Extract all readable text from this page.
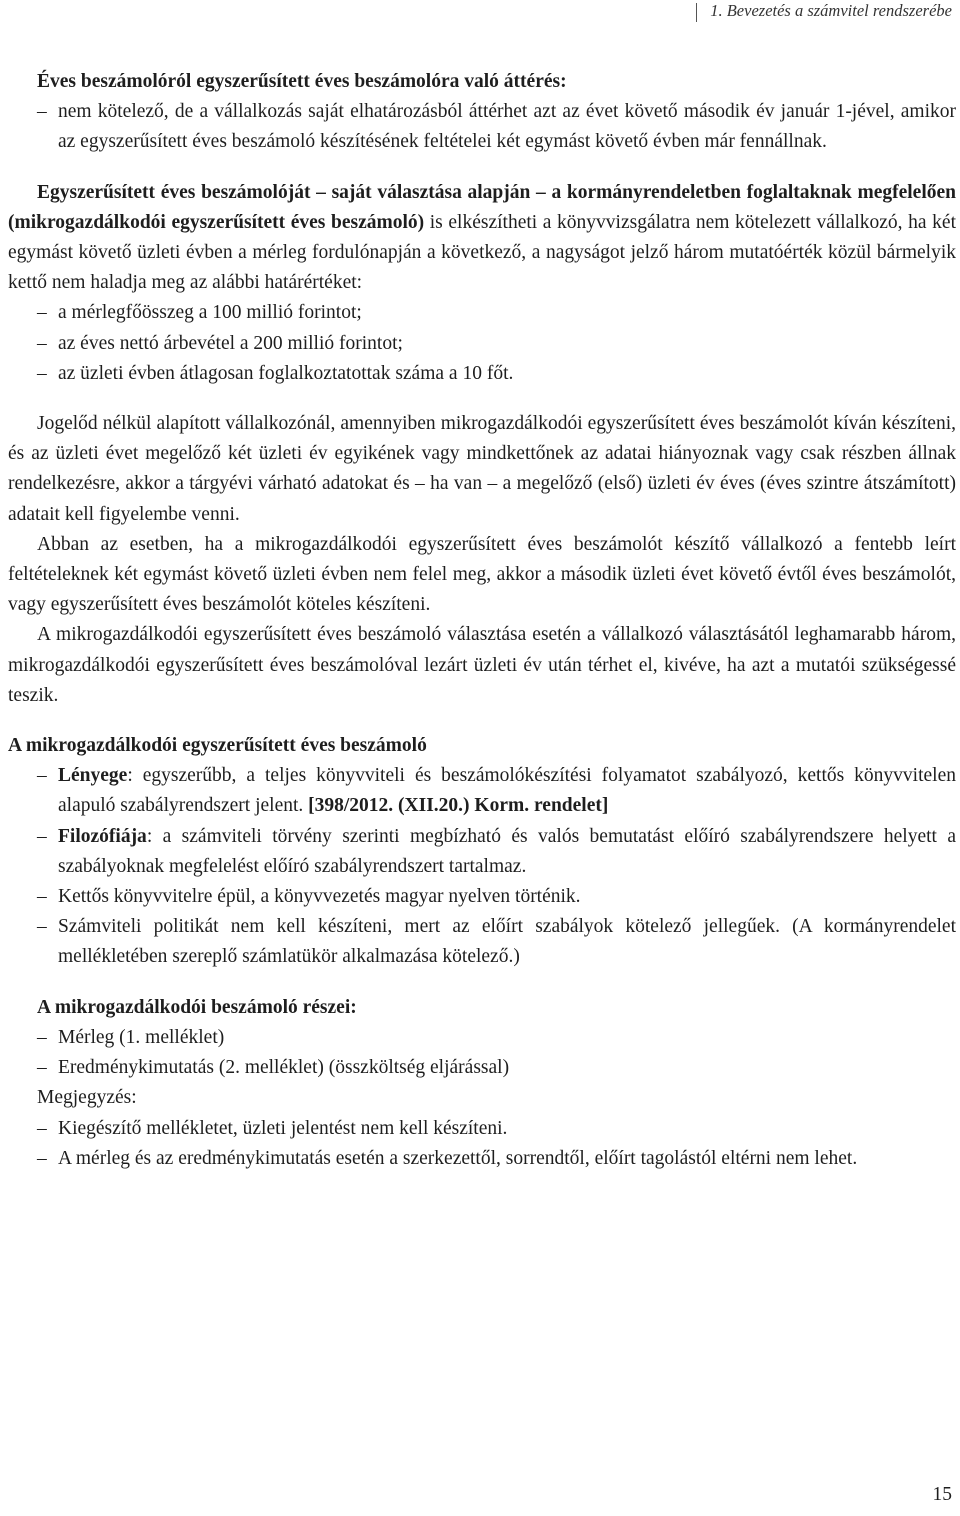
1. Bevezetés a számvitel rendszerébe

Éves beszámolóról egyszerűsített éves beszámolóra való áttérés:

– nem kötelező, de a vállalkozás saját elhatározásból áttérhet azt az évet követő második év január 1-jével, amikor az egyszerűsített éves beszámoló készítésének feltételei két egymást követő évben már fennállnak.

Egyszerűsített éves beszámolóját – saját választása alapján – a kormányrendeletben foglaltaknak megfelelően (mikrogazdálkodói egyszerűsített éves beszámoló) is elkészítheti a könyvvizsgálatra nem kötelezett vállalkozó, ha két egymást követő üzleti évben a mérleg fordulónapján a következő, a nagyságot jelző három mutatóérték közül bármelyik kettő nem haladja meg az alábbi határértéket:

– a mérlegfőösszeg a 100 millió forintot;

– az éves nettó árbevétel a 200 millió forintot;

– az üzleti évben átlagosan foglalkoztatottak száma a 10 főt.

Jogelőd nélkül alapított vállalkozónál, amennyiben mikrogazdálkodói egyszerűsített éves beszámolót kíván készíteni, és az üzleti évet megelőző két üzleti év egyikének vagy mindkettőnek az adatai hiányoznak vagy csak részben állnak rendelkezésre, akkor a tárgyévi várható adatokat és – ha van – a megelőző (első) üzleti év éves (éves szintre átszámított) adatait kell figyelembe venni.

Abban az esetben, ha a mikrogazdálkodói egyszerűsített éves beszámolót készítő vállalkozó a fentebb leírt feltételeknek két egymást követő üzleti évben nem felel meg, akkor a második üzleti évet követő évtől éves beszámolót, vagy egyszerűsített éves beszámolót köteles készíteni.

A mikrogazdálkodói egyszerűsített éves beszámoló választása esetén a vállalkozó választásától leghamarabb három, mikrogazdálkodói egyszerűsített éves beszámolóval lezárt üzleti év után térhet el, kivéve, ha azt a mutatói szükségessé teszik.

A mikrogazdálkodói egyszerűsített éves beszámoló

– Lényege: egyszerűbb, a teljes könyvviteli és beszámolókészítési folyamatot szabályozó, kettős könyvvitelen alapuló szabályrendszert jelent. [398/2012. (XII.20.) Korm. rendelet]

– Filozófiája: a számviteli törvény szerinti megbízható és valós bemutatást előíró szabályrendszere helyett a szabályoknak megfelelést előíró szabályrendszert tartalmaz.

– Kettős könyvvitelre épül, a könyvvezetés magyar nyelven történik.

– Számviteli politikát nem kell készíteni, mert az előírt szabályok kötelező jellegűek. (A kormányrendelet mellékletében szereplő számlatükör alkalmazása kötelező.)

A mikrogazdálkodói beszámoló részei:

– Mérleg (1. melléklet)

– Eredménykimutatás (2. melléklet) (összköltség eljárással)

Megjegyzés:

– Kiegészítő mellékletet, üzleti jelentést nem kell készíteni.

– A mérleg és az eredménykimutatás esetén a szerkezettől, sorrendtől, előírt tagolástól eltérni nem lehet.

15
